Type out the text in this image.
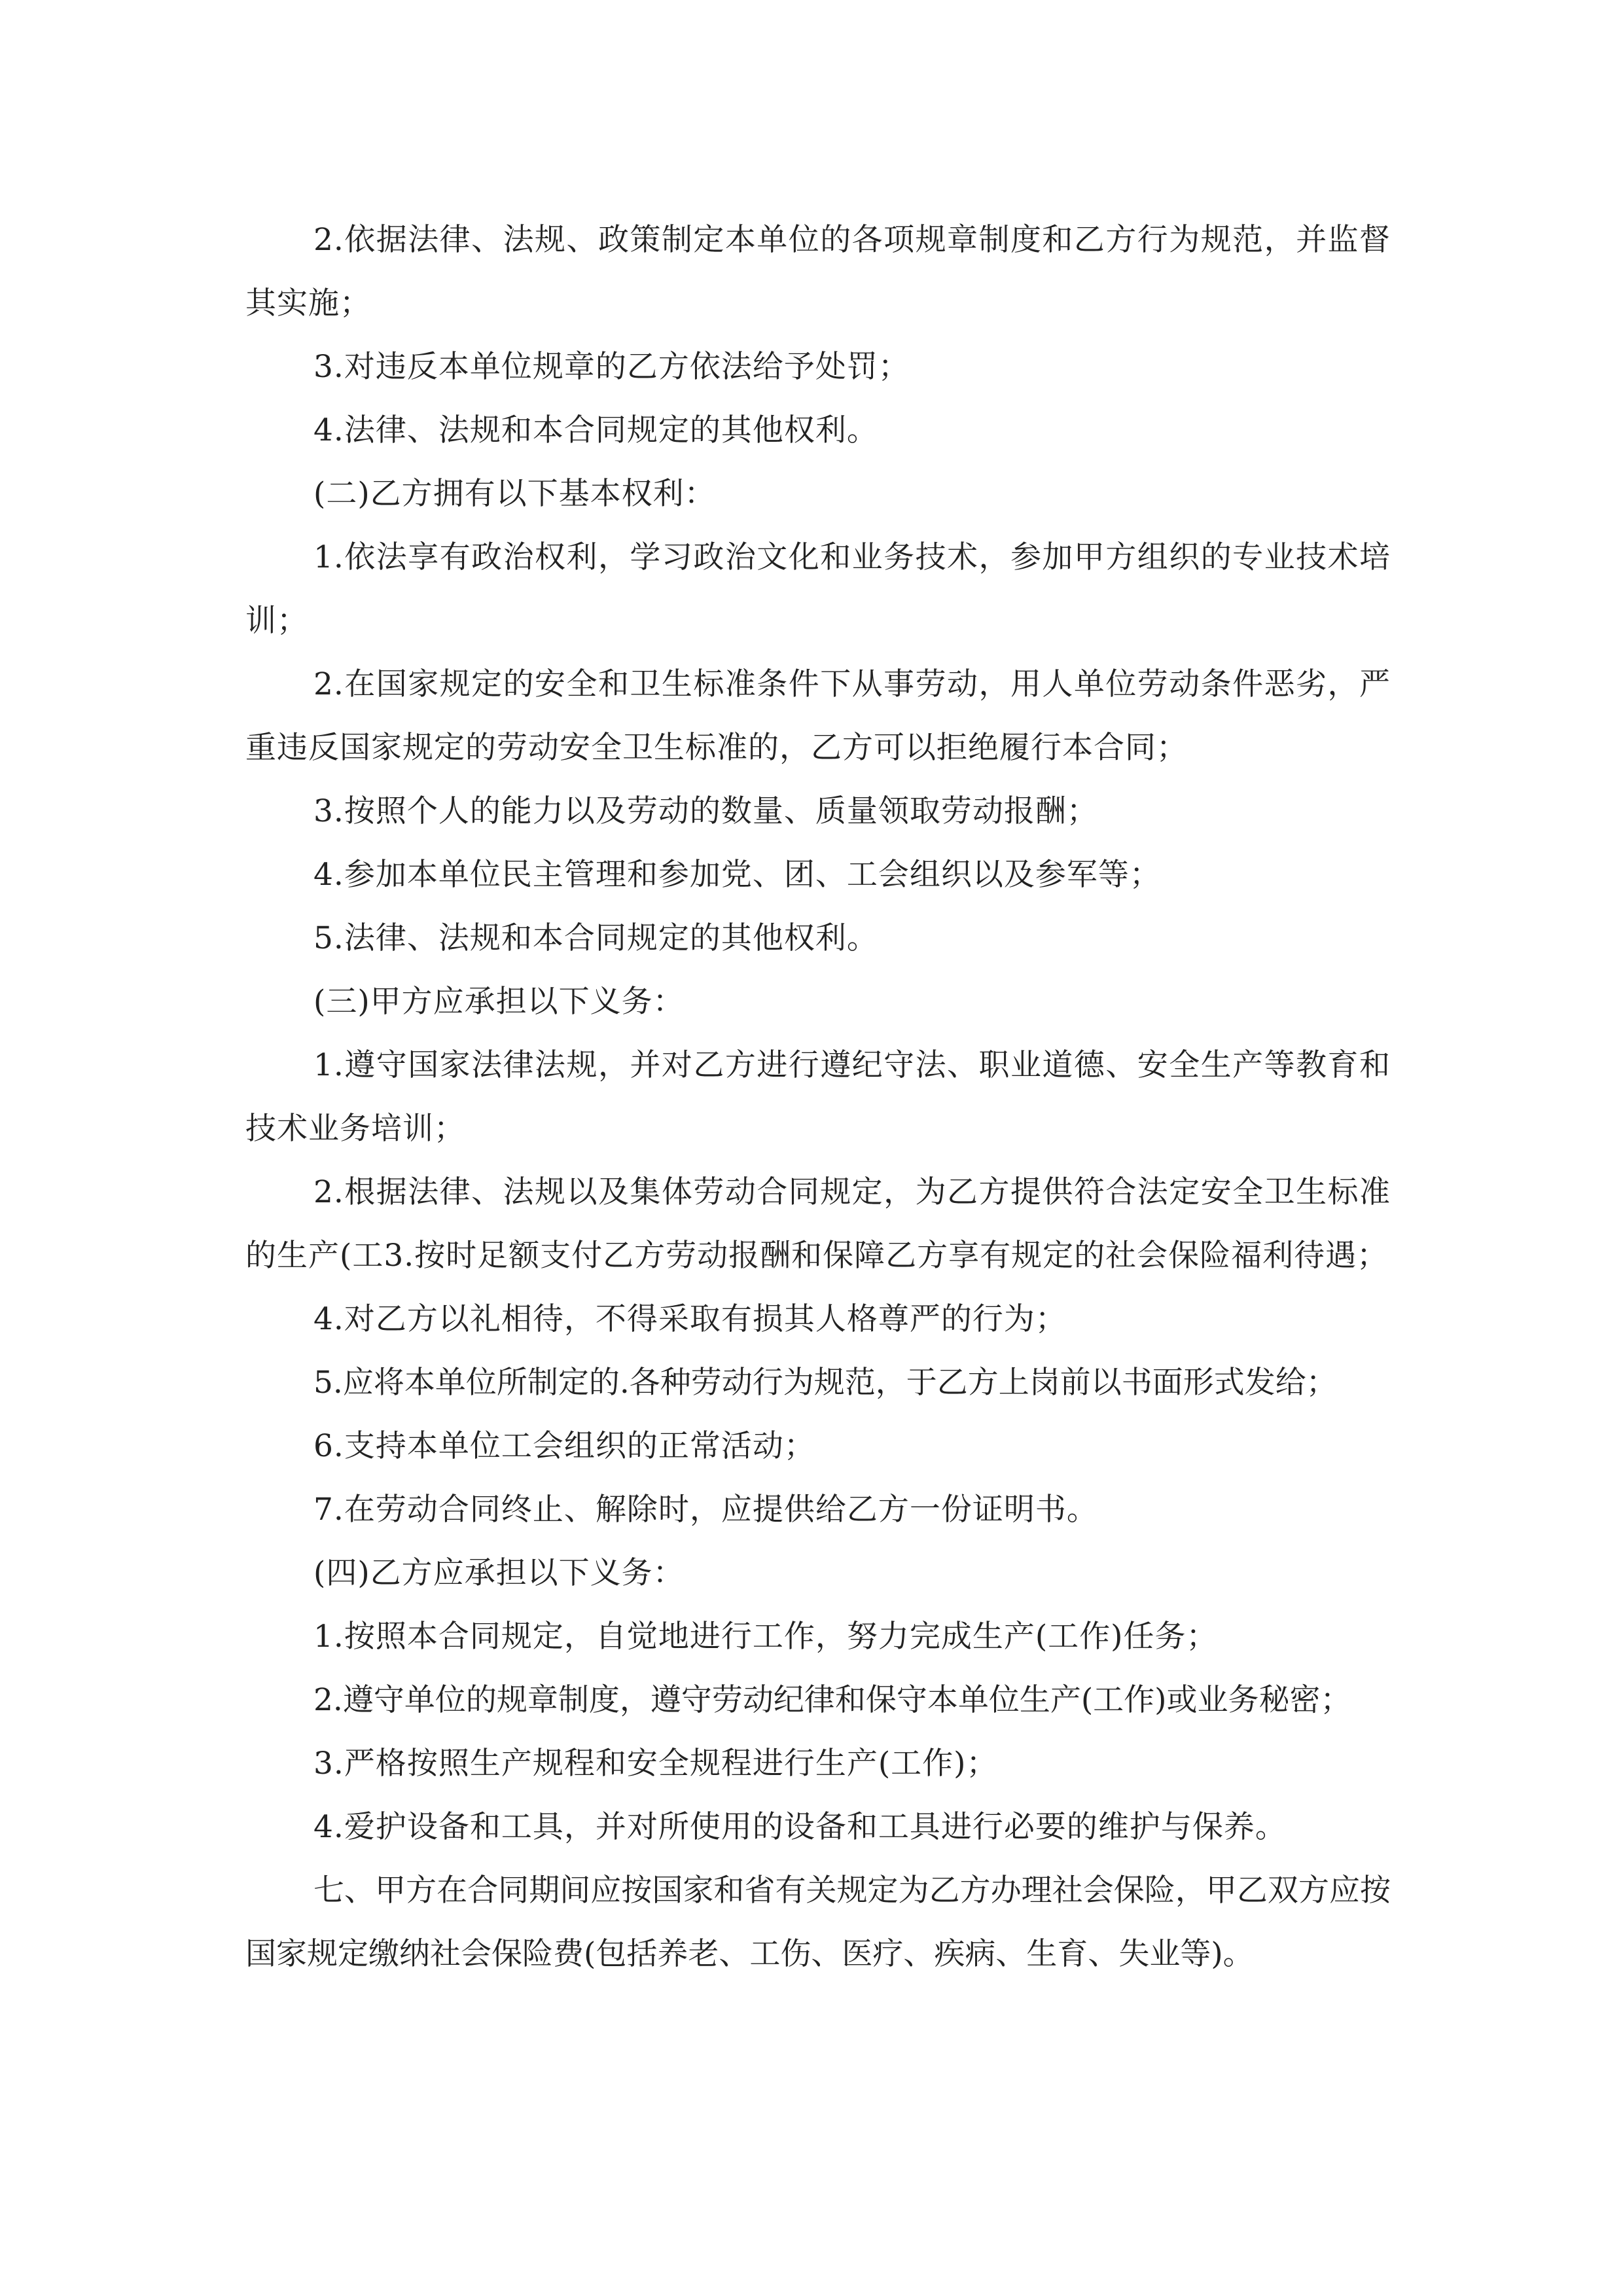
2.依据法律、法规、政策制定本单位的各项规章制度和乙方行为规范，并监督其实施；

3.对违反本单位规章的乙方依法给予处罚；

4.法律、法规和本合同规定的其他权利。

(二)乙方拥有以下基本权利：

1.依法享有政治权利，学习政治文化和业务技术，参加甲方组织的专业技术培训；

2.在国家规定的安全和卫生标准条件下从事劳动，用人单位劳动条件恶劣，严重违反国家规定的劳动安全卫生标准的，乙方可以拒绝履行本合同；

3.按照个人的能力以及劳动的数量、质量领取劳动报酬；

4.参加本单位民主管理和参加党、团、工会组织以及参军等；

5.法律、法规和本合同规定的其他权利。

(三)甲方应承担以下义务：

1.遵守国家法律法规，并对乙方进行遵纪守法、职业道德、安全生产等教育和技术业务培训；

2.根据法律、法规以及集体劳动合同规定，为乙方提供符合法定安全卫生标准的生产(工3.按时足额支付乙方劳动报酬和保障乙方享有规定的社会保险福利待遇；

4.对乙方以礼相待，不得采取有损其人格尊严的行为；

5.应将本单位所制定的.各种劳动行为规范，于乙方上岗前以书面形式发给；

6.支持本单位工会组织的正常活动；

7.在劳动合同终止、解除时，应提供给乙方一份证明书。

(四)乙方应承担以下义务：

1.按照本合同规定，自觉地进行工作，努力完成生产(工作)任务；

2.遵守单位的规章制度，遵守劳动纪律和保守本单位生产(工作)或业务秘密；

3.严格按照生产规程和安全规程进行生产(工作)；

4.爱护设备和工具，并对所使用的设备和工具进行必要的维护与保养。

七、甲方在合同期间应按国家和省有关规定为乙方办理社会保险，甲乙双方应按国家规定缴纳社会保险费(包括养老、工伤、医疗、疾病、生育、失业等)。
